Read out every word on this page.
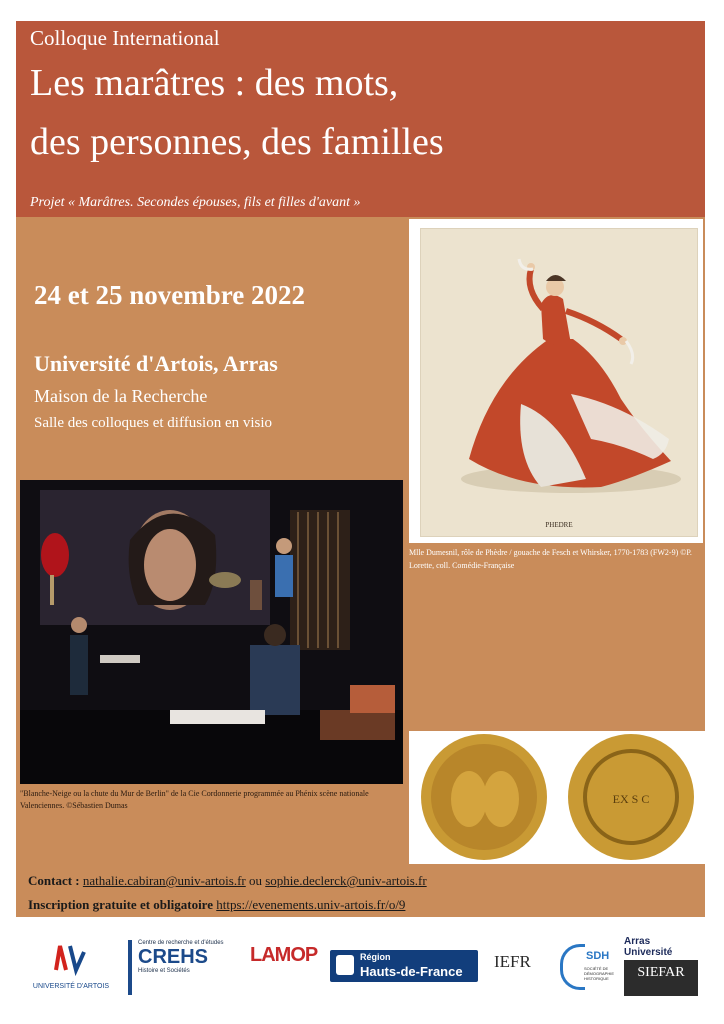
Colloque International
Les marâtres : des mots,
des personnes, des familles
Projet « Marâtres. Secondes épouses, fils et filles d'avant »
24 et 25 novembre 2022
Université d'Artois, Arras
Maison de la Recherche
Salle des colloques et diffusion en visio
PHEDRE
Mlle Dumesnil, rôle de Phèdre / gouache de Fesch et Whirsker, 1770-1783 (FW2-9) ©P. Lorette, coll. Comédie-Française
"Blanche-Neige ou la chute du Mur de Berlin" de la Cie Cordonnerie programmée au Phénix scène nationale Valenciennes. ©Sébastien Dumas	EX S C
Contact : nathalie.cabiran@univ-artois.fr ou sophie.declerck@univ-artois.fr
Inscription gratuite et obligatoire https://evenements.univ-artois.fr/o/9
UNIVERSITÉ D'ARTOIS
Centre de recherche et d'études
CREHS
Histoire et Sociétés
LAMOP	Région
Hauts-de-France
IEFR	SDH
SOCIÉTÉ DE DÉMOGRAPHIE HISTORIQUE
Arras Université
SIEFAR
